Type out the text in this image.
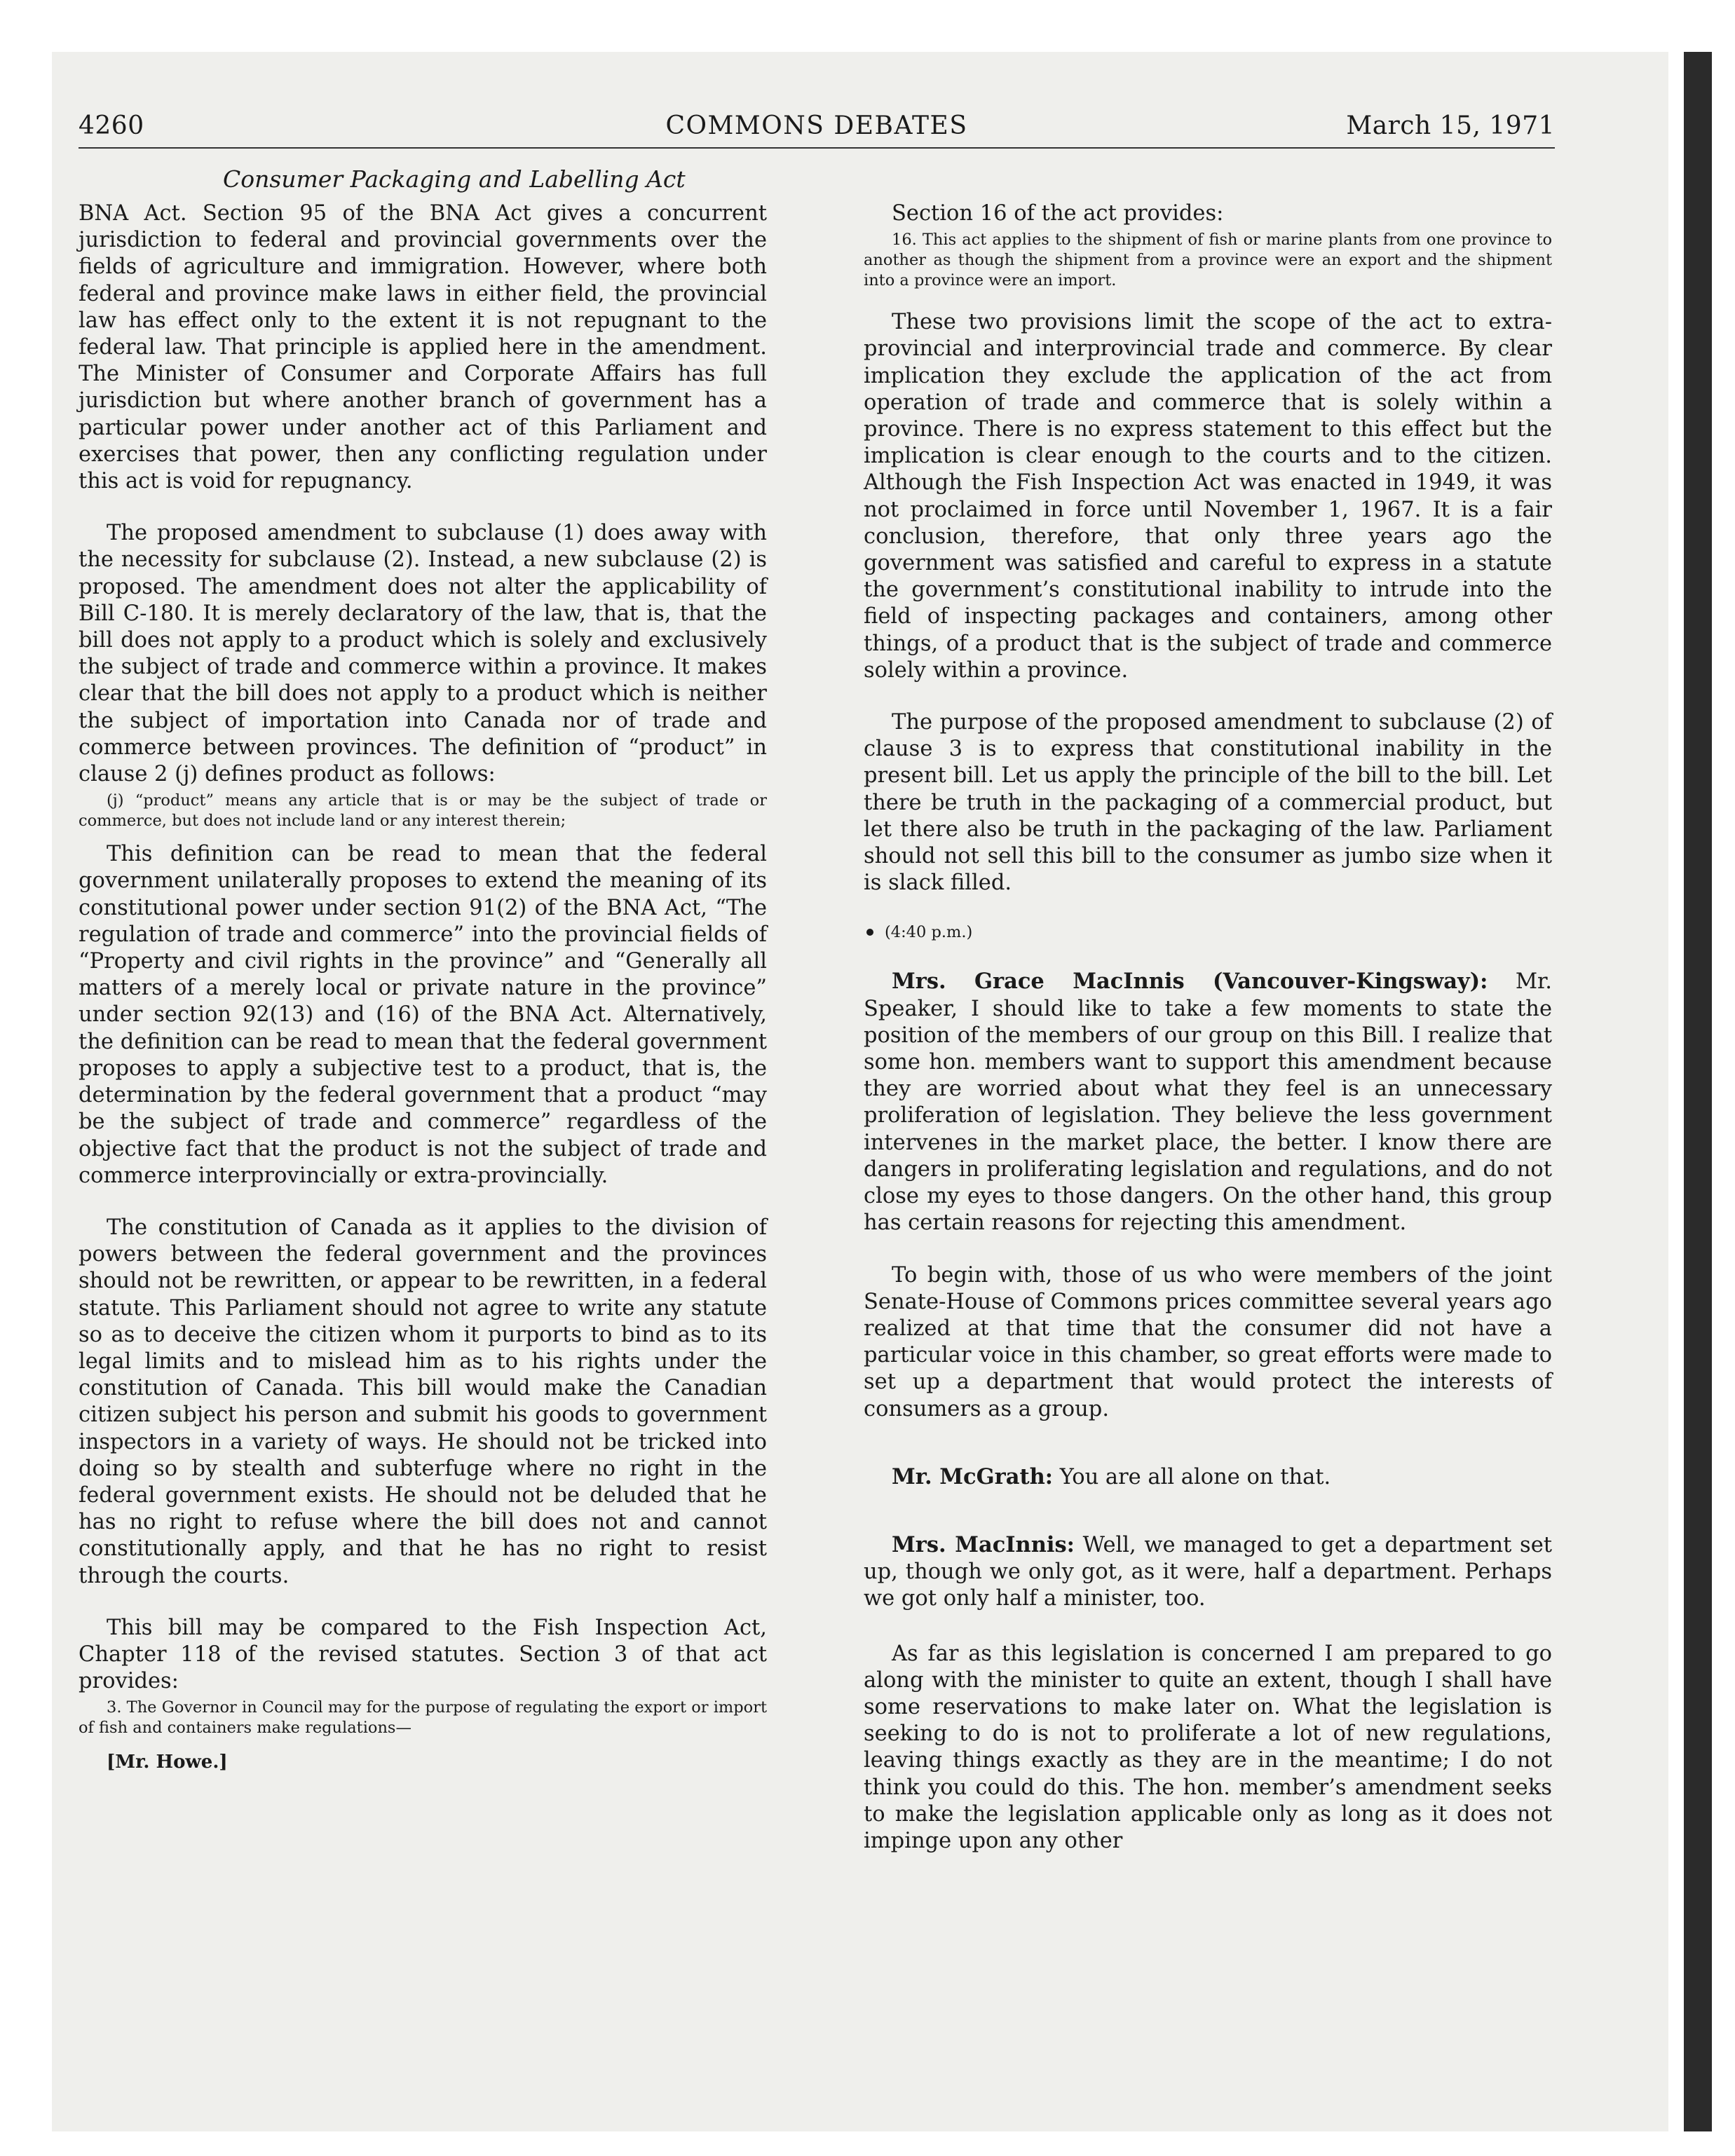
4260	COMMONS DEBATES	March 15, 1971
Consumer Packaging and Labelling Act

BNA Act. Section 95 of the BNA Act gives a concurrent jurisdiction to federal and provincial governments over the fields of agriculture and immigration. However, where both federal and province make laws in either field, the provincial law has effect only to the extent it is not repugnant to the federal law. That principle is applied here in the amendment. The Minister of Consumer and Corporate Affairs has full jurisdiction but where another branch of government has a particular power under another act of this Parliament and exercises that power, then any conflicting regulation under this act is void for repugnancy.

The proposed amendment to subclause (1) does away with the necessity for subclause (2). Instead, a new subclause (2) is proposed. The amendment does not alter the applicability of Bill C-180. It is merely declaratory of the law, that is, that the bill does not apply to a product which is solely and exclusively the subject of trade and commerce within a province. It makes clear that the bill does not apply to a product which is neither the subject of importation into Canada nor of trade and commerce between provinces. The definition of “product” in clause 2 (j) defines product as follows:

(j) “product” means any article that is or may be the subject of trade or commerce, but does not include land or any interest therein;

This definition can be read to mean that the federal government unilaterally proposes to extend the meaning of its constitutional power under section 91(2) of the BNA Act, “The regulation of trade and commerce” into the provincial fields of “Property and civil rights in the province” and “Generally all matters of a merely local or private nature in the province” under section 92(13) and (16) of the BNA Act. Alternatively, the definition can be read to mean that the federal government proposes to apply a subjective test to a product, that is, the determination by the federal government that a product “may be the subject of trade and commerce” regardless of the objective fact that the product is not the subject of trade and commerce interprovincially or extra-provincially.

The constitution of Canada as it applies to the division of powers between the federal government and the provinces should not be rewritten, or appear to be rewritten, in a federal statute. This Parliament should not agree to write any statute so as to deceive the citizen whom it purports to bind as to its legal limits and to mislead him as to his rights under the constitution of Canada. This bill would make the Canadian citizen subject his person and submit his goods to government inspectors in a variety of ways. He should not be tricked into doing so by stealth and subterfuge where no right in the federal government exists. He should not be deluded that he has no right to refuse where the bill does not and cannot constitutionally apply, and that he has no right to resist through the courts.

This bill may be compared to the Fish Inspection Act, Chapter 118 of the revised statutes. Section 3 of that act provides:

3. The Governor in Council may for the purpose of regulating the export or import of fish and containers make regulations—

[Mr. Howe.]

Section 16 of the act provides:

16. This act applies to the shipment of fish or marine plants from one province to another as though the shipment from a province were an export and the shipment into a province were an import.

These two provisions limit the scope of the act to extra-provincial and interprovincial trade and commerce. By clear implication they exclude the application of the act from operation of trade and commerce that is solely within a province. There is no express statement to this effect but the implication is clear enough to the courts and to the citizen. Although the Fish Inspection Act was enacted in 1949, it was not proclaimed in force until November 1, 1967. It is a fair conclusion, therefore, that only three years ago the government was satisfied and careful to express in a statute the government’s constitutional inability to intrude into the field of inspecting packages and containers, among other things, of a product that is the subject of trade and commerce solely within a province.

The purpose of the proposed amendment to subclause (2) of clause 3 is to express that constitutional inability in the present bill. Let us apply the principle of the bill to the bill. Let there be truth in the packaging of a commercial product, but let there also be truth in the packaging of the law. Parliament should not sell this bill to the consumer as jumbo size when it is slack filled.

(4:40 p.m.)

Mrs. Grace MacInnis (Vancouver-Kingsway): Mr. Speaker, I should like to take a few moments to state the position of the members of our group on this Bill. I realize that some hon. members want to support this amendment because they are worried about what they feel is an unnecessary proliferation of legislation. They believe the less government intervenes in the market place, the better. I know there are dangers in proliferating legislation and regulations, and do not close my eyes to those dangers. On the other hand, this group has certain reasons for rejecting this amendment.

To begin with, those of us who were members of the joint Senate-House of Commons prices committee several years ago realized at that time that the consumer did not have a particular voice in this chamber, so great efforts were made to set up a department that would protect the interests of consumers as a group.

Mr. McGrath: You are all alone on that.

Mrs. MacInnis: Well, we managed to get a department set up, though we only got, as it were, half a department. Perhaps we got only half a minister, too.

As far as this legislation is concerned I am prepared to go along with the minister to quite an extent, though I shall have some reservations to make later on. What the legislation is seeking to do is not to proliferate a lot of new regulations, leaving things exactly as they are in the meantime; I do not think you could do this. The hon. member’s amendment seeks to make the legislation applicable only as long as it does not impinge upon any other
